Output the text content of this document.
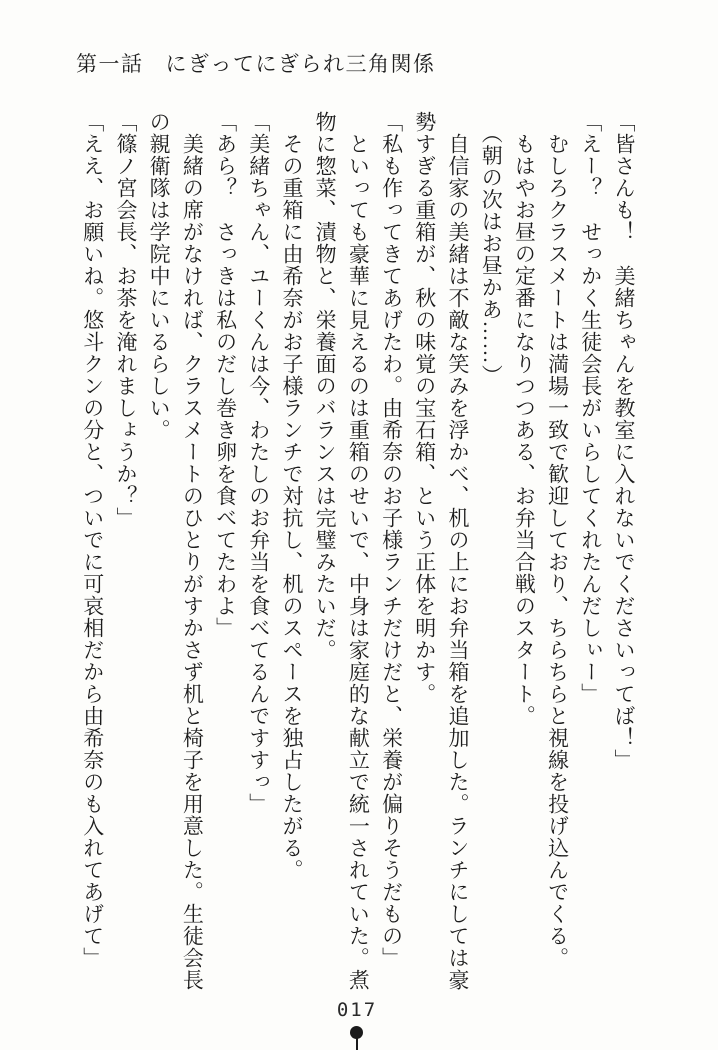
第一話 にぎってにぎられ三角関係

「皆さんも！　美緒ちゃんを教室に入れないでくださいってば！」

「えー？　せっかく生徒会長がいらしてくれたんだしぃー」

　むしろクラスメートは満場一致で歓迎しており、ちらちらと視線を投げ込んでくる。

　もはやお昼の定番になりつつある、お弁当合戦のスタート。

　（朝の次はお昼かあ……）

　自信家の美緒は不敵な笑みを浮かべ、机の上にお弁当箱を追加した。ランチにしては豪勢すぎる重箱が、秋の味覚の宝石箱、という正体を明かす。

「私も作ってきてあげたわ。由希奈のお子様ランチだけだと、栄養が偏りそうだもの」

　といっても豪華に見えるのは重箱のせいで、中身は家庭的な献立で統一されていた。煮物に惣菜、漬物と、栄養面のバランスは完璧みたいだ。

　その重箱に由希奈がお子様ランチで対抗し、机のスペースを独占したがる。

「美緒ちゃん、ユーくんは今、わたしのお弁当を食べてるんですすっ」

「あら？　さっきは私のだし巻き卵を食べてたわよ」

　美緒の席がなければ、クラスメートのひとりがすかさず机と椅子を用意した。生徒会長の親衛隊は学院中にいるらしい。

「篠ノ宮会長、お茶を淹れましょうか？」

「ええ、お願いね。悠斗クンの分と、ついでに可哀相だから由希奈のも入れてあげて」

017
